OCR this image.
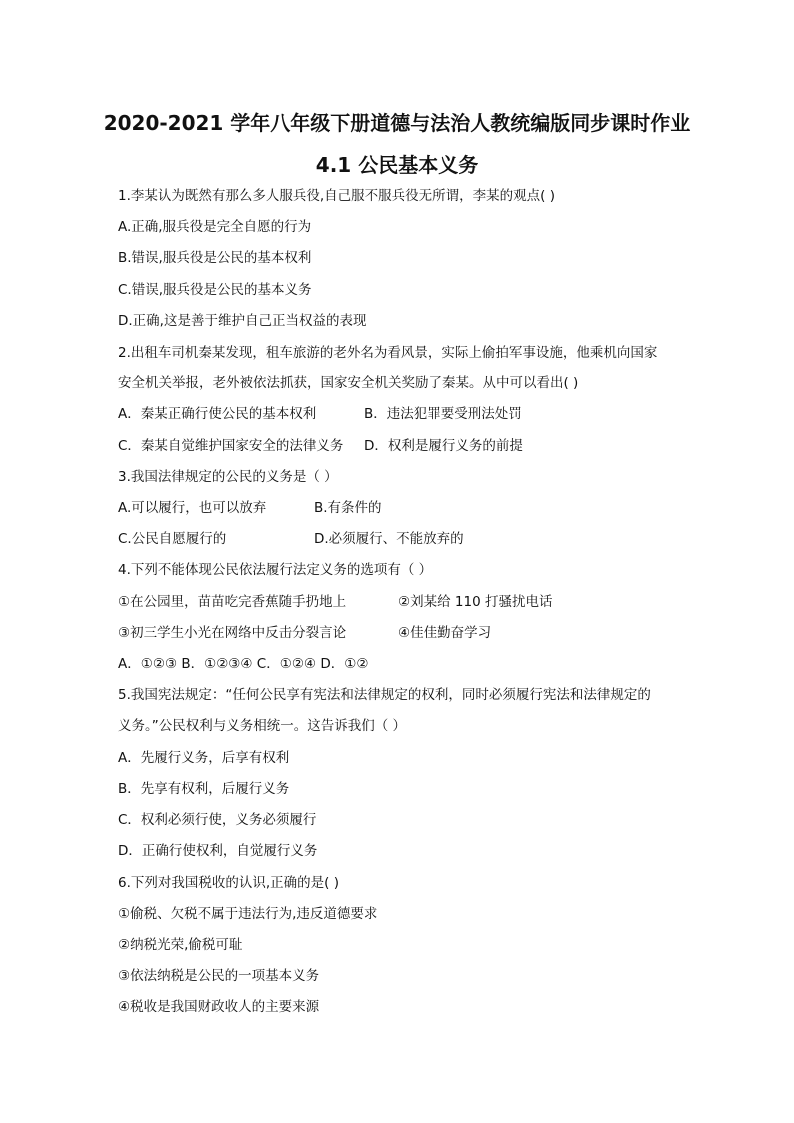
2020-2021 学年八年级下册道德与法治人教统编版同步课时作业
4.1 公民基本义务
1.李某认为既然有那么多人服兵役,自己服不服兵役无所谓，李某的观点( )
A.正确,服兵役是完全自愿的行为
B.错误,服兵役是公民的基本权利
C.错误,服兵役是公民的基本义务
D.正确,这是善于维护自己正当权益的表现
2.出租车司机秦某发现，租车旅游的老外名为看风景，实际上偷拍军事设施，他乘机向国家
安全机关举报，老外被依法抓获，国家安全机关奖励了秦某。从中可以看出( )
A．秦某正确行使公民的基本权利	B．违法犯罪要受刑法处罚
C．秦某自觉维护国家安全的法律义务 D．权利是履行义务的前提
3.我国法律规定的公民的义务是（ ）
A.可以履行，也可以放弃	B.有条件的
C.公民自愿履行的	D.必须履行、不能放弃的
4.下列不能体现公民依法履行法定义务的选项有（ ）
①在公园里，苗苗吃完香蕉随手扔地上	②刘某给 110 打骚扰电话
③初三学生小光在网络中反击分裂言论	④佳佳勤奋学习
A．①②③ B．①②③④ C．①②④ D．①②
5.我国宪法规定：“任何公民享有宪法和法律规定的权利，同时必须履行宪法和法律规定的
义务。”公民权利与义务相统一。这告诉我们（ ）
A．先履行义务，后享有权利
B．先享有权利，后履行义务
C．权利必须行使，义务必须履行
D．正确行使权利，自觉履行义务
6.下列对我国税收的认识,正确的是( )
①偷税、欠税不属于违法行为,违反道德要求
②纳税光荣,偷税可耻
③依法纳税是公民的一项基本义务
④税收是我国财政收人的主要来源
